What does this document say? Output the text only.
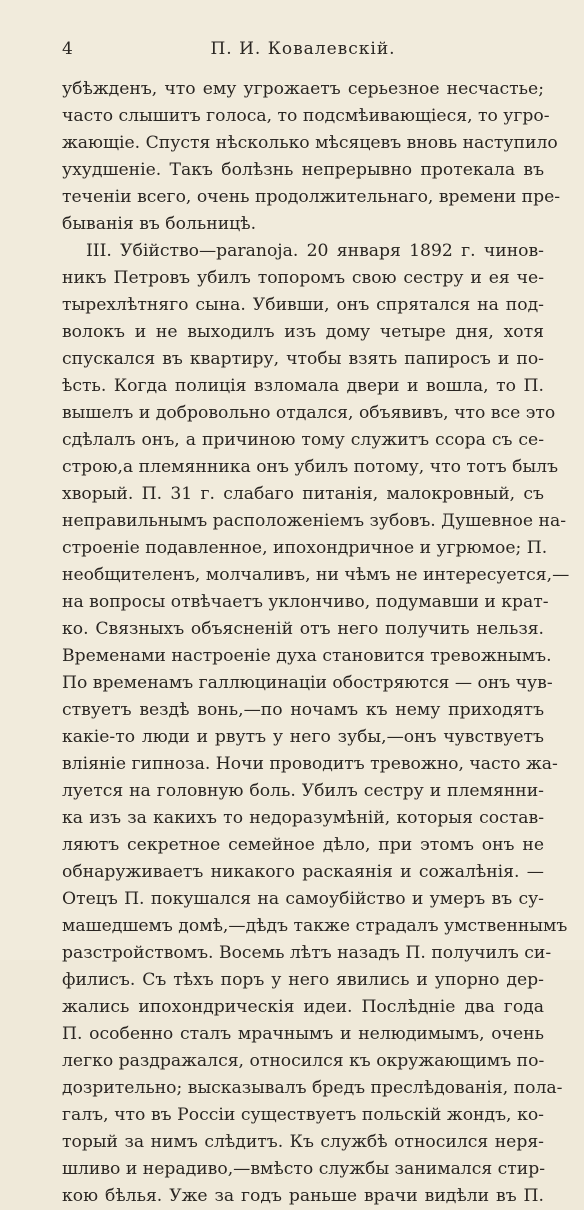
4	П. И. Ковалевскій.
убѣжденъ, что ему угрожаетъ серьезное несчастье;
часто слышитъ голоса, то подсмѣивающіеся, то угро-
жающіе. Спустя нѣсколько мѣсяцевъ вновь наступило
ухудшеніе. Такъ болѣзнь непрерывно протекала въ
теченіи всего, очень продолжительнаго, времени пре-
быванія въ больницѣ.
III. Убійство—paranoja. 20 января 1892 г. чинов-
никъ Петровъ убилъ топоромъ свою сестру и ея че-
тырехлѣтняго сына. Убивши, онъ спрятался на под-
волокъ и не выходилъ изъ дому четыре дня, хотя
спускался въ квартиру, чтобы взять папиросъ и по-
ѣсть. Когда полиція взломала двери и вошла, то П.
вышелъ и добровольно отдался, объявивъ, что все это
сдѣлалъ онъ, а причиною тому служитъ ссора съ се-
строю,а племянника онъ убилъ потому, что тотъ былъ
хворый. П. 31 г. слабаго питанія, малокровный, съ
неправильнымъ расположеніемъ зубовъ. Душевное на-
строеніе подавленное, ипохондричное и угрюмое; П.
необщителенъ, молчаливъ, ни чѣмъ не интересуется,—
на вопросы отвѣчаетъ уклончиво, подумавши и крат-
ко. Связныхъ объясненій отъ него получить нельзя.
Временами настроеніе духа становится тревожнымъ.
По временамъ галлюцинаціи обостряются — онъ чув-
ствуетъ вездѣ вонь,—по ночамъ къ нему приходятъ
какіе-то люди и рвутъ у него зубы,—онъ чувствуетъ
вліяніе гипноза. Ночи проводитъ тревожно, часто жа-
луется на головную боль. Убилъ сестру и племянни-
ка изъ за какихъ то недоразумѣній, которыя состав-
ляютъ секретное семейное дѣло, при этомъ онъ не
обнаруживаетъ никакого раскаянія и сожалѣнія. —
Отецъ П. покушался на самоубійство и умеръ въ су-
машедшемъ домѣ,—дѣдъ также страдалъ умственнымъ
разстройствомъ. Восемь лѣтъ назадъ П. получилъ си-
филисъ. Съ тѣхъ поръ у него явились и упорно дер-
жались ипохондрическія идеи. Послѣдніе два года
П. особенно сталъ мрачнымъ и нелюдимымъ, очень
легко раздражался, относился къ окружающимъ по-
дозрительно; высказывалъ бредъ преслѣдованія, пола-
галъ, что въ Россіи существуетъ польскій жондъ, ко-
торый за нимъ слѣдитъ. Къ службѣ относился неря-
шливо и нерадиво,—вмѣсто службы занимался стир-
кою бѣлья. Уже за годъ раньше врачи видѣли въ П.
